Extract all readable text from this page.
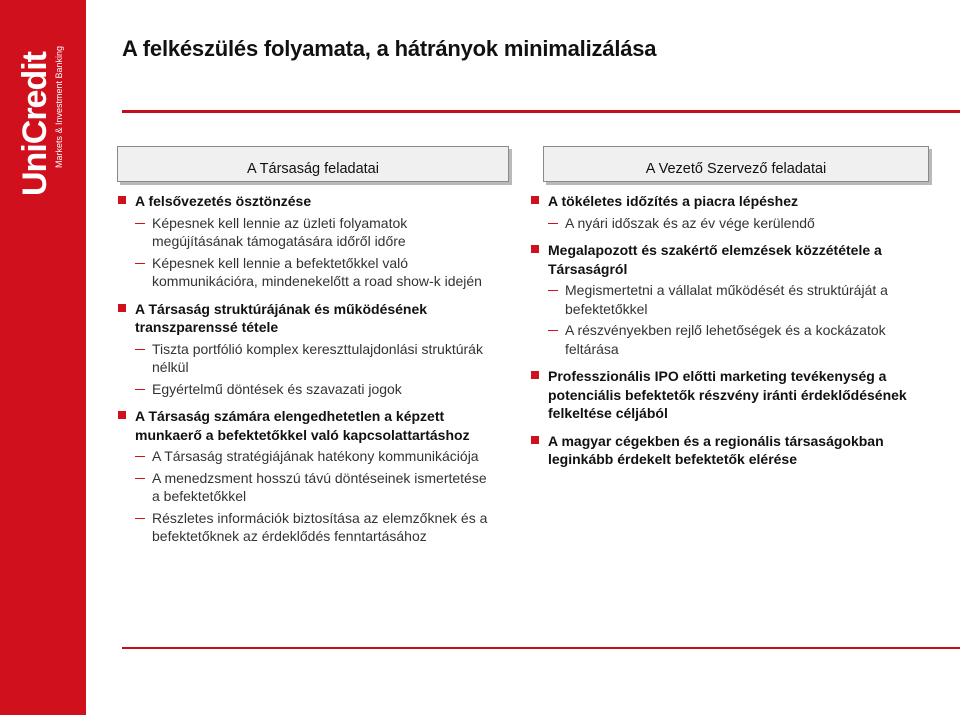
UniCredit Markets & Investment Banking	A felkészülés folyamata, a hátrányok minimalizálása
A Társaság feladatai	A Vezető Szervező feladatai
A felsővezetés ösztönzése
Képesnek kell lennie az üzleti folyamatok megújításának támogatására időről időre
Képesnek kell lennie a befektetőkkel való kommunikációra, mindenekelőtt a road show-k idején
A Társaság struktúrájának és működésének transzparenssé tétele
Tiszta portfólió komplex kereszttulajdonlási struktúrák nélkül
Egyértelmű döntések és szavazati jogok
A Társaság számára elengedhetetlen a képzett munkaerő a befektetőkkel való kapcsolattartáshoz
A Társaság stratégiájának hatékony kommunikációja
A menedzsment hosszú távú döntéseinek ismertetése a befektetőkkel
Részletes információk biztosítása az elemzőknek és a befektetőknek az érdeklődés fenntartásához
A tökéletes időzítés a piacra lépéshez
A nyári időszak és az év vége kerülendő
Megalapozott és szakértő elemzések közzététele a Társaságról
Megismertetni a vállalat működését és struktúráját a befektetőkkel
A részvényekben rejlő lehetőségek és a kockázatok feltárása
Professzionális IPO előtti marketing tevékenység a potenciális befektetők részvény iránti érdeklődésének felkeltése céljából
A magyar cégekben és a regionális társaságokban leginkább érdekelt befektetők elérése
